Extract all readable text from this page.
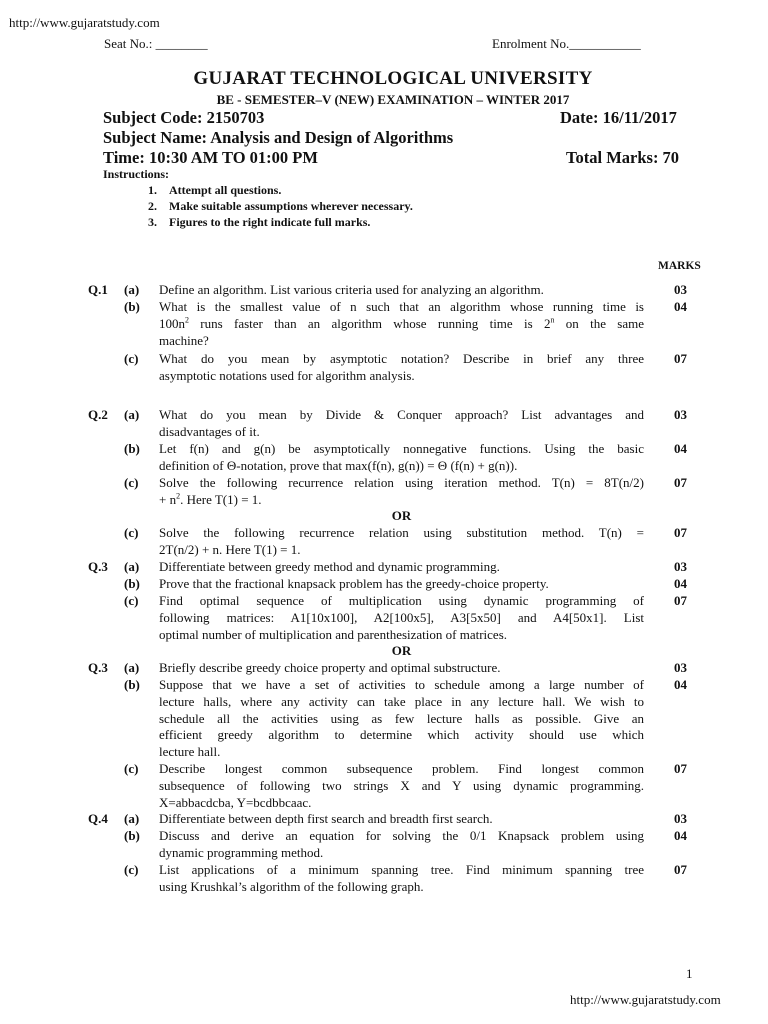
http://www.gujaratstudy.com
Seat No.: ________	Enrolment No.___________
GUJARAT TECHNOLOGICAL UNIVERSITY
BE - SEMESTER–V (NEW) EXAMINATION – WINTER 2017
Subject Code: 2150703	Date: 16/11/2017
Subject Name: Analysis and Design of Algorithms
Time: 10:30 AM TO 01:00 PM	Total Marks: 70
Instructions:
1.    Attempt all questions.
2.    Make suitable assumptions wherever necessary.
3.    Figures to the right indicate full marks.
MARKS
Q.1	(a)	Define an algorithm. List various criteria used for analyzing an algorithm.	03
(b)	What is the smallest value of n such that an algorithm whose running time is
$100n^2$ runs faster than an algorithm whose running time is 2$^n$ on the same
machine?
04
(c)	What do you mean by asymptotic notation? Describe in brief any three
asymptotic notations used for algorithm analysis.
07
Q.2	(a)	What do you mean by Divide & Conquer approach? List advantages and
disadvantages of it.
03
(b)	Let f(n) and g(n) be asymptotically nonnegative functions. Using the basic
definition of Θ-notation, prove that max(f(n), g(n)) = Θ (f(n) + g(n)).
04
(c)	Solve the following recurrence relation using iteration method. T(n) = 8T(n/2)
+ $n^2$. Here T(1) = 1.
07
OR
(c)	Solve the following recurrence relation using substitution method. T(n) =
2T(n/2) + n. Here T(1) = 1.
07
Q.3	(a)	Differentiate between greedy method and dynamic programming.	03
(b)	Prove that the fractional knapsack problem has the greedy-choice property.	04
(c)	Find optimal sequence of multiplication using dynamic programming of
following matrices: A1[10x100], A2[100x5], A3[5x50] and A4[50x1]. List
optimal number of multiplication and parenthesization of matrices.
07
OR
Q.3	(a)	Briefly describe greedy choice property and optimal substructure.	03
(b)	Suppose that we have a set of activities to schedule among a large number of
lecture halls, where any activity can take place in any lecture hall. We wish to
schedule all the activities using as few lecture halls as possible. Give an
efficient greedy algorithm to determine which activity should use which
lecture hall.
04
(c)	Describe longest common subsequence problem. Find longest common
subsequence of following two strings X and Y using dynamic programming.
X=abbacdcba, Y=bcdbbcaac.
07
Q.4	(a)	Differentiate between depth first search and breadth first search.	03
(b)	Discuss and derive an equation for solving the 0/1 Knapsack problem using
dynamic programming method.
04
(c)	List applications of a minimum spanning tree. Find minimum spanning tree
using Krushkal’s algorithm of the following graph.
07
1
http://www.gujaratstudy.com
